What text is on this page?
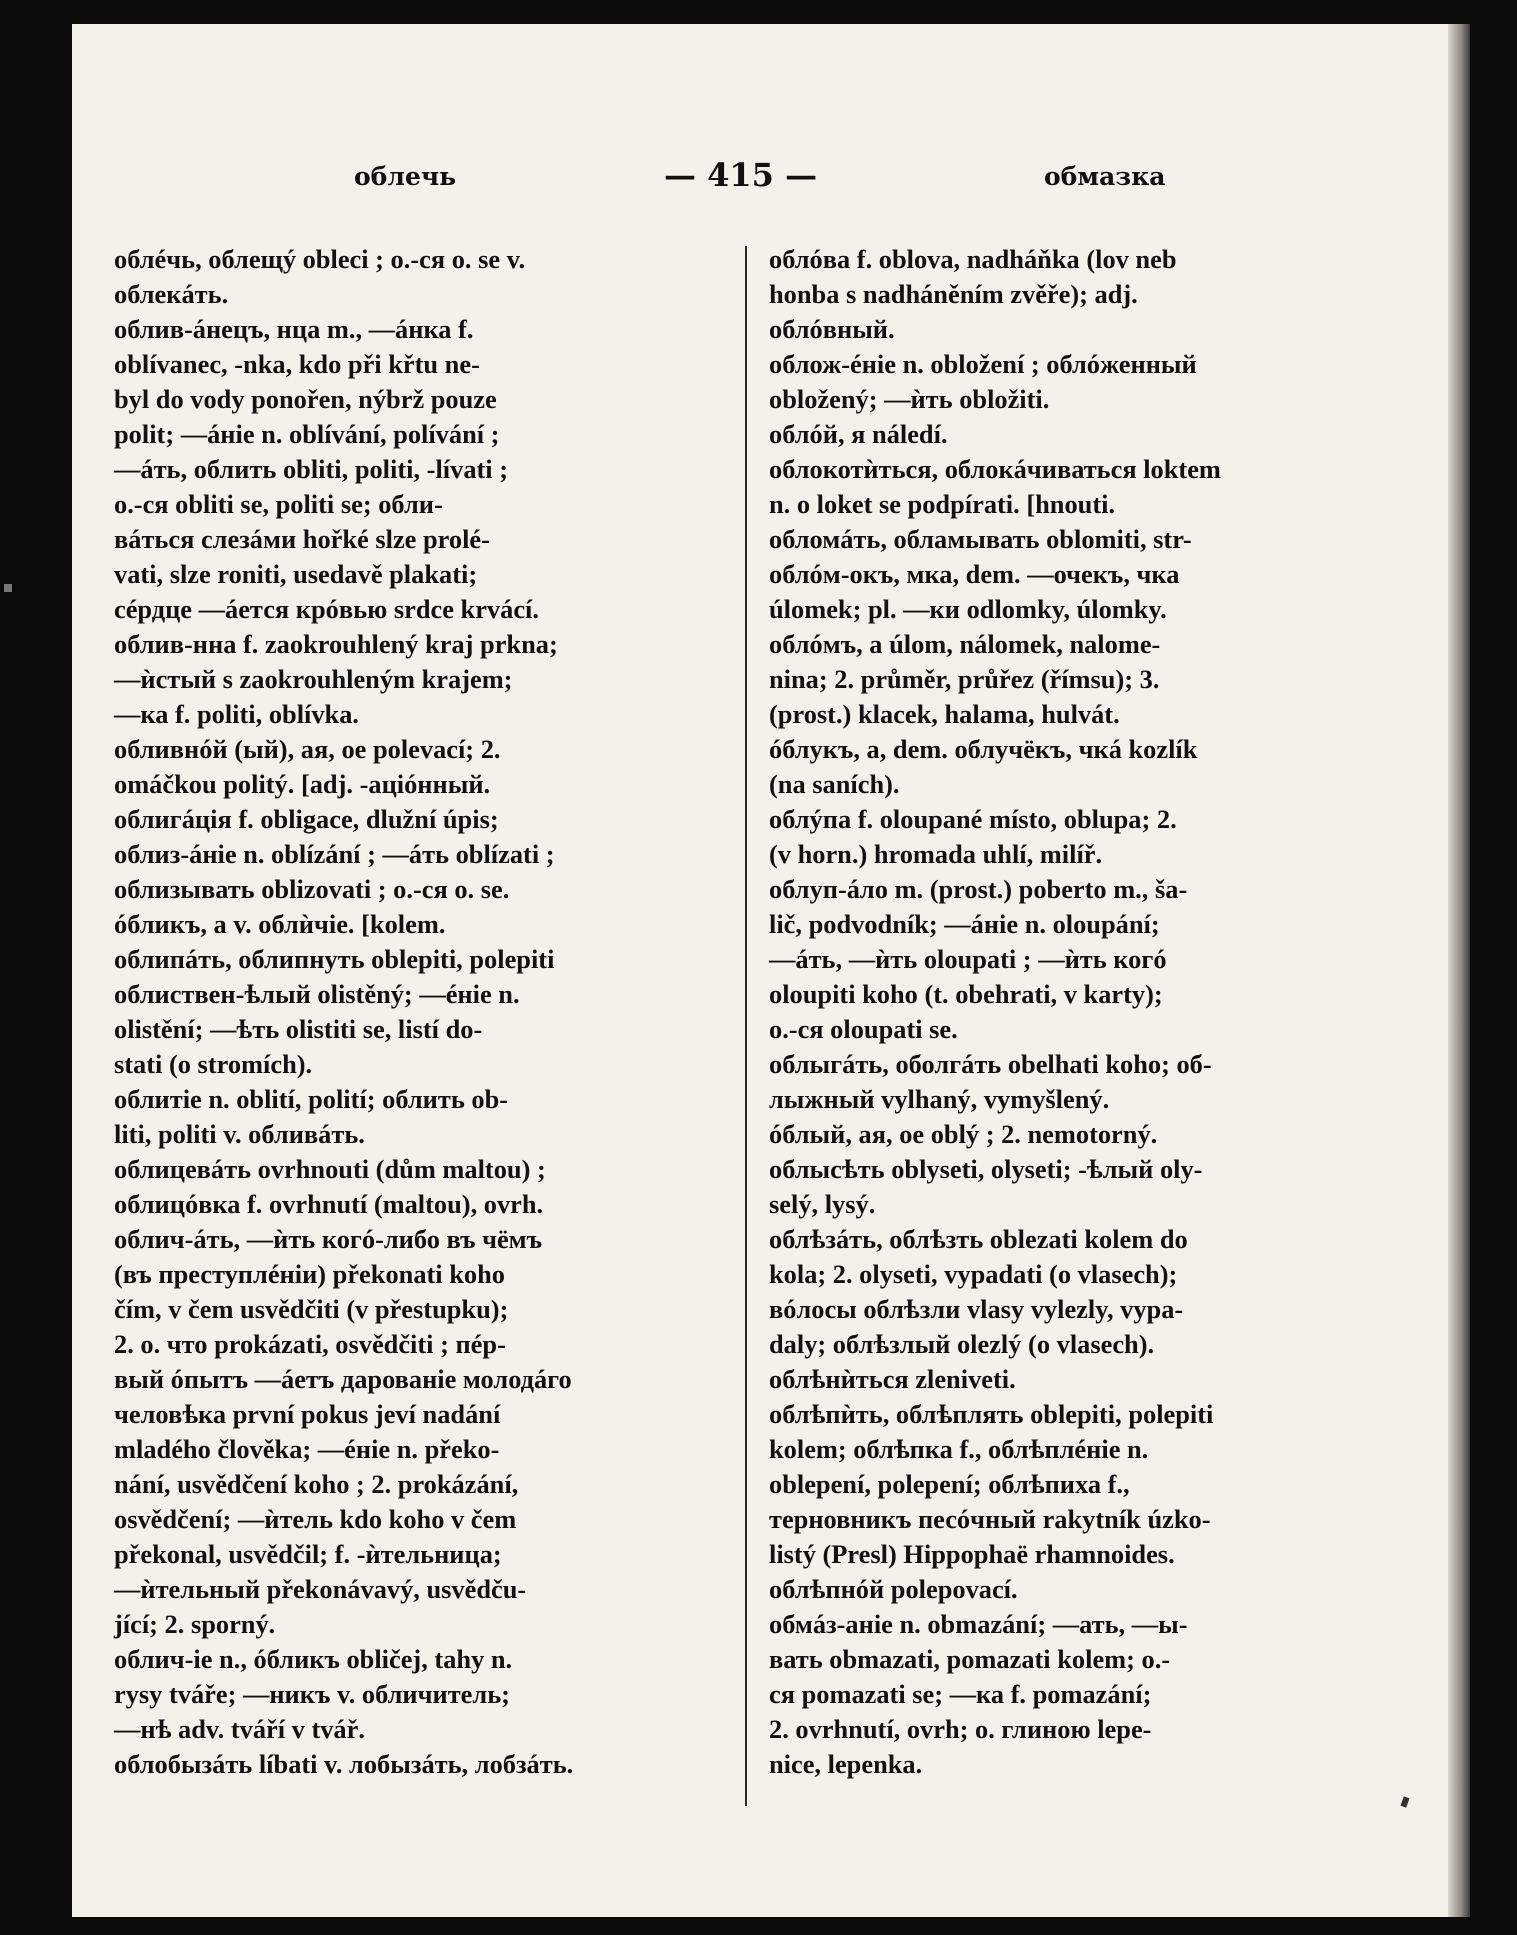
облечь	— 415 —	обмазка
облéчь, облещý obleci ; o.-ся o. se v.
облекáть.
облив-áнецъ, нца m., —áнка f.
oblívanec, -nka, kdo při křtu ne-
byl do vody ponořen, nýbrž pouze
polit; —áнie n. oblívání, polívání ;
—áть, облить obliti, politi, -lívati ;
o.-ся obliti se, politi se; обли-
вáться слезáми hořké slze prolé-
vati, slze roniti, usedavě plakati;
сéрдце —áется крóвью srdce krvácí.
облив-нна f. zaokrouhlený kraj prkna;
—ѝстый s zaokrouhleným krajem;
—ка f. politi, oblívka.
обливнóй (ый), ая, ое polevací; 2.
omáčkou politý. [adj. -аціóнный.
облигáція f. obligace, dlužní úpis;
облиз-áніе n. oblízání ; —áть oblízati ;
облизывать oblizovati ; o.-ся o. se.
óбликъ, a v. облѝчie. [kolem.
облипáть, облипнуть oblepiti, polepiti
облиствен-ѣлый olistěný; —éніе n.
olistění; —ѣть olistiti se, listí do-
stati (o stromích).
облитіе n. oblití, polití; облить ob-
liti, politi v. обливáть.
облицевáть ovrhnouti (dům maltou) ;
облицóвка f. ovrhnutí (maltou), ovrh.
облич-áть, —ѝть когó-либо въ чёмъ
(въ преступлéніи) překonati koho
čím, v čem usvědčiti (v přestupku);
2. o. что prokázati, osvědčiti ; пéр-
вый óпытъ —áетъ дарованіе молодáго
человѣка první pokus jeví nadání
mladého člověka; —éніе n. překo-
nání, usvědčení koho ; 2. prokázání,
osvědčení; —ѝтель kdo koho v čem
překonal, usvědčil; f. -ѝтельница;
—ѝтельный překonávavý, usvědču-
jící; 2. sporný.
облич-іе n., óбликъ obličej, tahy n.
rysy tváře; —никъ v. обличитель;
—нѣ adv. tváří v tvář.
облобызáть líbati v. лобызáть, лобзáть.
облóва f. oblova, nadháňka (lov neb
honba s nadháněním zvěře); adj.
облóвный.
облож-éніе n. obložení ; облóженный
obložený; —ѝть obložiti.
облóй, я náledí.
облокотѝться, облокáчиваться loktem
n. o loket se podpírati. [hnouti.
обломáть, обламывать oblomiti, str-
облóм-окъ, мка, dem. —очекъ, чка
úlomek; pl. —ки odlomky, úlomky.
облóмъ, a úlom, nálomek, nalome-
nina; 2. průměr, průřez (římsu); 3.
(prost.) klacek, halama, hulvát.
óблукъ, a, dem. облучёкъ, чкá kozlík
(na saních).
облýпа f. oloupané místo, oblupa; 2.
(v horn.) hromada uhlí, milíř.
облуп-áло m. (prost.) poberto m., ša-
lič, podvodník; —áніе n. oloupání;
—áть, —ѝть oloupati ; —ѝть когó
oloupiti koho (t. obehrati, v karty);
o.-ся oloupati se.
облыгáть, оболгáть obelhati koho; об-
лыжный vylhaný, vymyšlený.
óблый, ая, ое oblý ; 2. nemotorný.
облысѣть oblyseti, olyseti; -ѣлый oly-
selý, lysý.
облѣзáть, облѣзть oblezati kolem do
kola; 2. olyseti, vypadati (o vlasech);
вóлосы облѣзли vlasy vylezly, vypa-
daly; облѣзлый olezlý (o vlasech).
облѣнѝться zleniveti.
облѣпѝть, облѣплять oblepiti, polepiti
kolem; облѣпка f., облѣплéніе n.
oblepení, polepení; облѣпиха f.,
терновникъ песóчный rakytník úzko-
listý (Presl) Hippophaë rhamnoides.
облѣпнóй polepovací.
обмáз-аніе n. obmazání; —ать, —ы-
вать obmazati, pomazati kolem; o.-
ся pomazati se; —ка f. pomazání;
2. ovrhnutí, ovrh; o. глиною lepe-
nice, lepenka.
